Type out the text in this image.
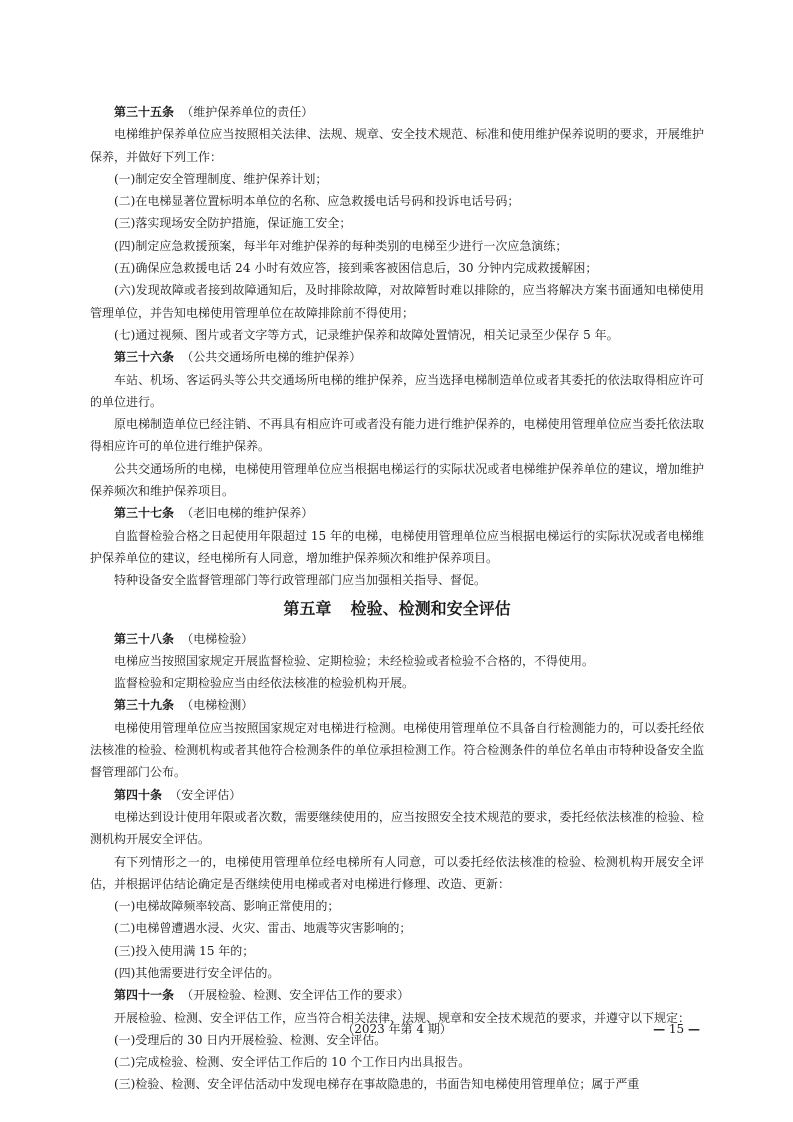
第三十五条 （维护保养单位的责任）

电梯维护保养单位应当按照相关法律、法规、规章、安全技术规范、标准和使用维护保养说明的要求，开展维护保养，并做好下列工作：

(一)制定安全管理制度、维护保养计划；

(二)在电梯显著位置标明本单位的名称、应急救援电话号码和投诉电话号码；

(三)落实现场安全防护措施，保证施工安全；

(四)制定应急救援预案，每半年对维护保养的每种类别的电梯至少进行一次应急演练；

(五)确保应急救援电话 24 小时有效应答，接到乘客被困信息后，30 分钟内完成救援解困；

(六)发现故障或者接到故障通知后，及时排除故障，对故障暂时难以排除的，应当将解决方案书面通知电梯使用管理单位，并告知电梯使用管理单位在故障排除前不得使用；

(七)通过视频、图片或者文字等方式，记录维护保养和故障处置情况，相关记录至少保存 5 年。

第三十六条 （公共交通场所电梯的维护保养）

车站、机场、客运码头等公共交通场所电梯的维护保养，应当选择电梯制造单位或者其委托的依法取得相应许可的单位进行。

原电梯制造单位已经注销、不再具有相应许可或者没有能力进行维护保养的，电梯使用管理单位应当委托依法取得相应许可的单位进行维护保养。

公共交通场所的电梯，电梯使用管理单位应当根据电梯运行的实际状况或者电梯维护保养单位的建议，增加维护保养频次和维护保养项目。

第三十七条 （老旧电梯的维护保养）

自监督检验合格之日起使用年限超过 15 年的电梯，电梯使用管理单位应当根据电梯运行的实际状况或者电梯维护保养单位的建议，经电梯所有人同意，增加维护保养频次和维护保养项目。

特种设备安全监督管理部门等行政管理部门应当加强相关指导、督促。

第五章 检验、检测和安全评估

第三十八条 （电梯检验）

电梯应当按照国家规定开展监督检验、定期检验；未经检验或者检验不合格的，不得使用。

监督检验和定期检验应当由经依法核准的检验机构开展。

第三十九条 （电梯检测）

电梯使用管理单位应当按照国家规定对电梯进行检测。电梯使用管理单位不具备自行检测能力的，可以委托经依法核准的检验、检测机构或者其他符合检测条件的单位承担检测工作。符合检测条件的单位名单由市特种设备安全监督管理部门公布。

第四十条 （安全评估）

电梯达到设计使用年限或者次数，需要继续使用的，应当按照安全技术规范的要求，委托经依法核准的检验、检测机构开展安全评估。

有下列情形之一的，电梯使用管理单位经电梯所有人同意，可以委托经依法核准的检验、检测机构开展安全评估，并根据评估结论确定是否继续使用电梯或者对电梯进行修理、改造、更新：

(一)电梯故障频率较高、影响正常使用的；

(二)电梯曾遭遇水浸、火灾、雷击、地震等灾害影响的；

(三)投入使用满 15 年的；

(四)其他需要进行安全评估的。

第四十一条 （开展检验、检测、安全评估工作的要求）

开展检验、检测、安全评估工作，应当符合相关法律、法规、规章和安全技术规范的要求，并遵守以下规定：

(一)受理后的 30 日内开展检验、检测、安全评估。

(二)完成检验、检测、安全评估工作后的 10 个工作日内出具报告。

(三)检验、检测、安全评估活动中发现电梯存在事故隐患的，书面告知电梯使用管理单位；属于严重

（2023 年第 4 期）	— 15 —
